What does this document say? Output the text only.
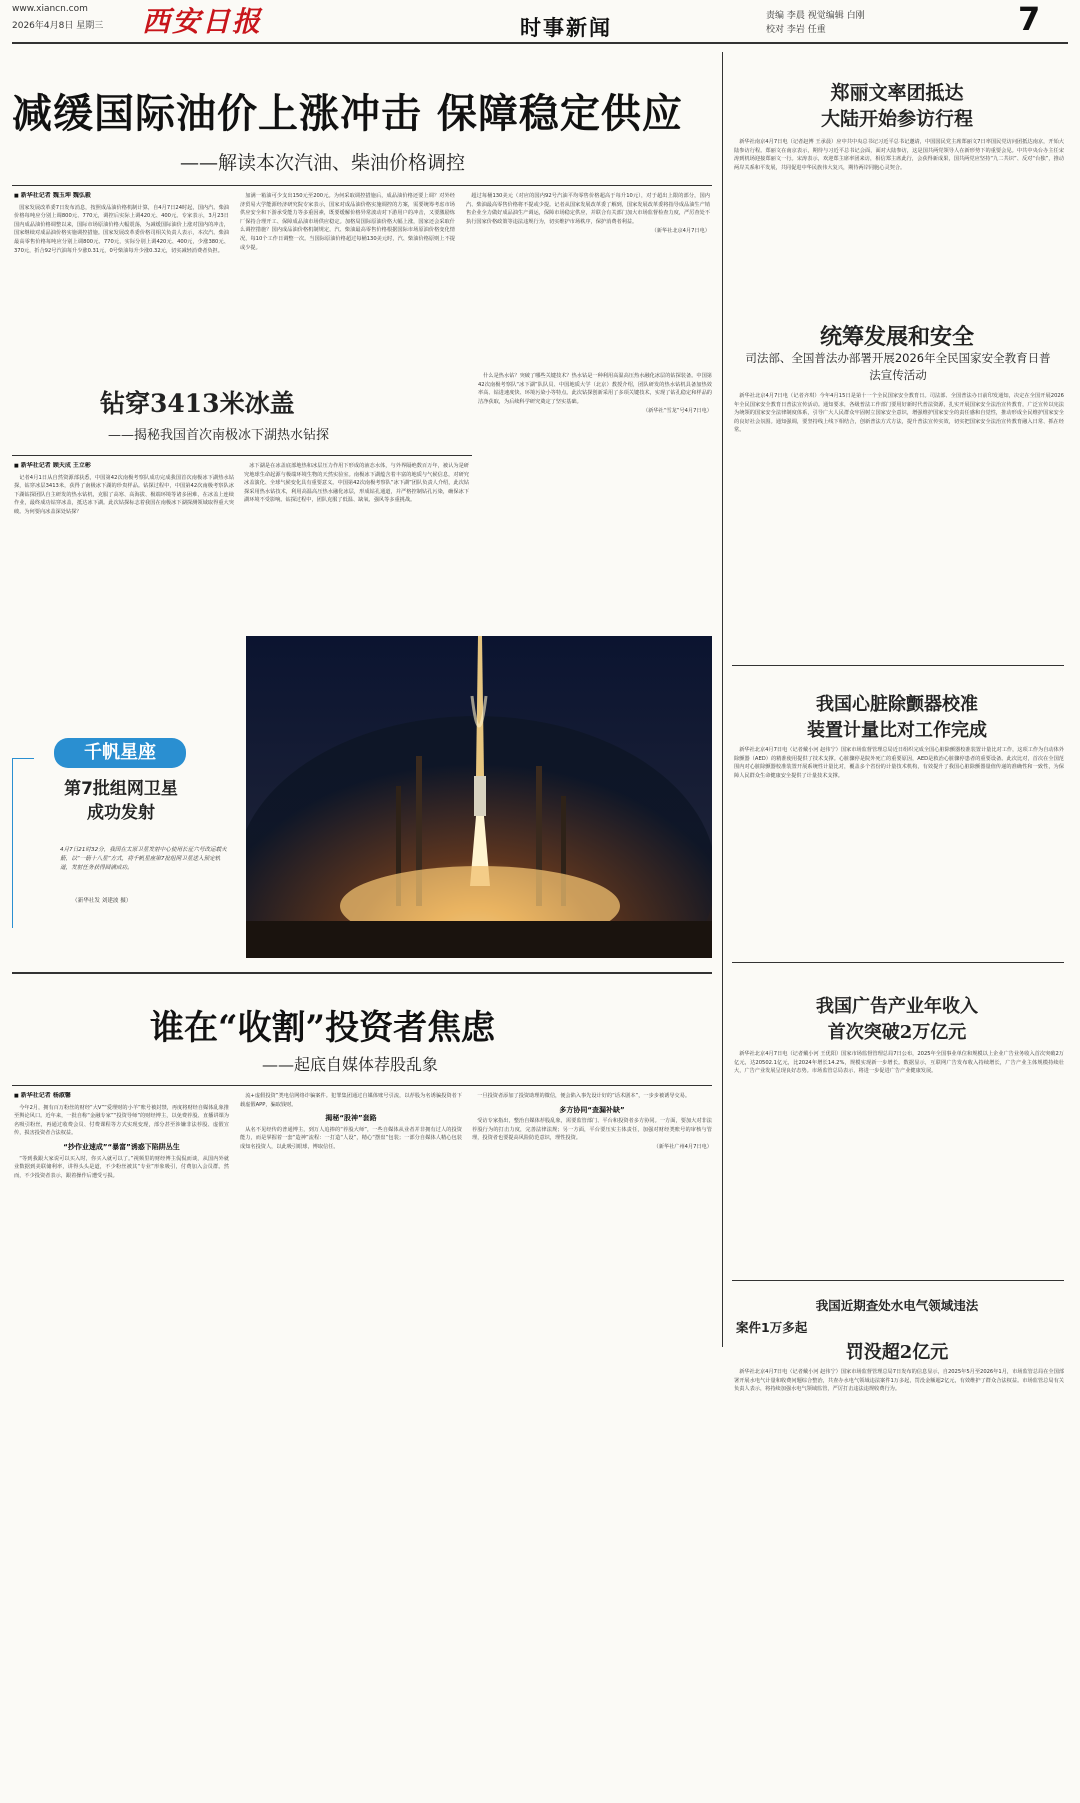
www.xiancn.com
2026年4月8日 星期三 西安日报	时事新闻	责编 李晨 视觉编辑 白刚
校对 李岩 任重	7
减缓国际油价上涨冲击 保障稳定供应
——解读本次汽油、柴油价格调控
■ 新华社记者 魏玉坤 魏弘毅

国家发展改革委7日发布消息，按照成品油价格机制计算，自4月7日24时起，国内汽、柴油价格每吨应分别上调800元、770元，调控后实际上调420元、400元。专家表示，3月23日国内成品油价格调整以来，国际市场原油价格大幅震荡，为减缓国际油价上涨对国内的冲击，国家继续对成品油价格实施调控措施。国家发展改革委价格司相关负责人表示，本次汽、柴油最高零售价格每吨应分别上调800元、770元，实际分别上调420元、400元，少涨380元、370元，折合92号汽油每升少涨0.31元，0号柴油每升少涨0.32元，切实减轻消费者负担。

加满一箱油可少支出150元至200元。为何采取调控措施后，成品油价格还要上调？对外经济贸易大学能源经济研究院专家表示，国家对成品油价格实施调控的方案，需要统筹考虑市场供应安全和下游承受能力等多重因素，既要缓解价格异常波动对下游用户的冲击，又要激励炼厂保持合理开工、保障成品油市场供应稳定。加格局国际原油价格大幅上涨，国家还会采取什么调控措施？国内成品油价格机制规定，汽、柴油最高零售价格根据国际市场原油价格变化情况，每10个工作日调整一次。当国际原油价格超过每桶130美元时，汽、柴油价格原则上不提或少提。

超过每桶130美元（对应的国内92号汽油平均零售价格超高于每升10元），对于超出上限的部分，国内汽、柴油最高零售价格将不提或少提。记者从国家发展改革委了解到，国家发展改革委将指导成品油生产销售企业全力做好成品油生产调运，保障市场稳定供应，并联合有关部门加大市场监督检查力度，严厉查处不执行国家价格政策等违法违规行为，切实维护市场秩序，保护消费者利益。

（新华社北京4月7日电）
郑丽文率团抵达
大陆开始参访行程

新华社南京4月7日电（记者赵博 王承晨）应中共中央总书记习近平总书记邀请，中国国民党主席郑丽文7日率国民党访问团抵达南京，开始大陆参访行程。郑丽文在南京表示，期待与习近平总书记会面，面对大陆参访，这是国共两党领导人在新形势下的重要会见。中共中央台办主任宋涛到机场迎接郑丽文一行。宋涛表示，欢迎郑主席率团来访，相信郑主席此行，会获得新成果，国共两党应坚持“九二共识”、反对“台独”，推动两岸关系和平发展，共同促进中华民族伟大复兴，期待两岸同胞心灵契合。

统筹发展和安全
司法部、全国普法办部署开展2026年全民国家安全教育日普法宣传活动

新华社北京4月7日电（记者齐琪）今年4月15日是第十一个全民国家安全教育日。司法部、全国普法办日前印发通知，决定在全国开展2026年全民国家安全教育日普法宣传活动。通知要求，各级普法工作部门要用好新时代普法资源，扎实开展国家安全法治宣传教育，广泛宣传以宪法为统领的国家安全法律制度体系，引导广大人民群众牢固树立国家安全意识，增强维护国家安全的责任感和自觉性，推动形成全民维护国家安全的良好社会氛围。通知强调，要坚持线上线下相结合，创新普法方式方法，提升普法宣传实效，切实把国家安全法治宣传教育融入日常、抓在经常。

钻穿3413米冰盖
——揭秘我国首次南极冰下湖热水钻探
■ 新华社记者 顾天成 王立彬

记者4月1日从自然资源部获悉，中国第42次南极考察队成功完成我国首次南极冰下湖热水钻探，钻穿冰层3413米，获得了南极冰下湖的珍贵样品。钻探过程中，中国第42次南极考察队冰下湖钻探团队自主研发的热水钻机，克服了高寒、高海拔、极端环境等诸多困难，在冰盖上连续作业，最终成功钻穿冰盖，抵达冰下湖。此次钻探标志着我国在南极冰下湖探测领域取得重大突破。为何要向冰盖深处钻探？

冰下湖是在冰盖底部地热和冰层压力作用下形成的液态水体，与外界隔绝数百万年，被认为是研究地球生命起源与极端环境生物的天然实验室。南极冰下湖蕴含着丰富的地质与气候信息，对研究冰盖演化、全球气候变化具有重要意义。中国第42次南极考察队“冰下湖”团队负责人介绍，此次钻探采用热水钻技术，利用高温高压热水融化冰层，形成钻孔通道，并严格控制钻孔污染，确保冰下湖环境不受影响。钻探过程中，团队克服了低温、缺氧、强风等多重挑战。

什么是热水钻？突破了哪些关键技术？热水钻是一种利用高温高压热水融化冰层的钻探装备。中国第42次南极考察队“冰下湖”队队员、中国地质大学（北京）教授介绍，团队研发的热水钻机具备加热效率高、钻进速度快、环境污染小等特点。此次钻探创新采用了多项关键技术，实现了钻孔稳定和样品的洁净获取，为后续科学研究奠定了坚实基础。

（新华社“雪龙”号4月7日电）
千帆星座
第7批组网卫星
成功发射
4月7日21时32分，我国在太原卫星发射中心使用长征六号改运载火箭，以“一箭十八星”方式，将千帆星座第7批组网卫星送入预定轨道，发射任务获得圆满成功。
（新华社发 刘建波 摄）
我国心脏除颤器校准
装置计量比对工作完成

新华社北京4月7日电（记者戴小河 赵伟宁）国家市场监督管理总局近日组织完成全国心脏除颤器校准装置计量比对工作，这项工作为自动体外除颤器（AED）的精准使用提供了技术支撑。心脏骤停是院外死亡的重要原因，AED是救治心脏骤停患者的重要设备。此次比对，首次在全国范围内对心脏除颤器校准装置开展系统性计量比对，覆盖多个省份的计量技术机构，有效提升了我国心脏除颤器量值传递的准确性和一致性，为保障人民群众生命健康安全提供了计量技术支撑。

谁在“收割”投资者焦虑
——起底自媒体荐股乱象
■ 新华社记者 杨淑馨

今年2月，拥有百万粉丝的财经“大V”“爱理财的小羊”账号被封禁，再度将财经自媒体乱象推至舆论风口。近年来，一批自称“金融专家”“投资导师”的财经博主，以免费荐股、直播讲课为名吸引粉丝，再通过收费会员、付费课程等方式实现变现，部分甚至涉嫌非法荐股、虚假宣传，损害投资者合法权益。

“抄作业速成”“暴富”诱惑下陷阱丛生

“等到我跟大家说可以买入时，你买入就可以了。”视频里的财经博主侃侃而谈，从国内外就业数据到美联储利率，讲得头头是道，不少粉丝被其“专业”形象吸引，付费加入会员群。然而，不少投资者表示，跟着操作后遭受亏损。

流+虚假投资”类电信网络诈骗案件。犯罪集团通过自媒体账号引流，以荐股为名诱骗投资者下载虚假APP，骗取钱财。

揭秘“股神”套路

从名不见经传的普通博主，到万人追捧的“荐股大师”，一些自媒体从业者并非拥有过人的投资能力，而是掌握着一套“造神”流程：一打造“人设”，精心“摆盘”包装；一部分自媒体人精心包装成知名投资人，以此吸引眼球，博取信任。

一旦投资者添加了投资助理的微信，便会陷入事先设计好的“话术剧本”，一步步被诱导交易。

多方协同“查漏补缺”

受访专家指出，整治自媒体荐股乱象，需要监管部门、平台和投资者多方协同。一方面，要加大对非法荐股行为的打击力度，完善法律法规；另一方面，平台要压实主体责任，加强对财经类账号的审核与管理，投资者也要提高风险防范意识，理性投资。

（新华社广州4月7日电）
我国广告产业年收入
首次突破2万亿元

新华社北京4月7日电（记者戴小河 王优阳）国家市场监督管理总局7日公布，2025年全国事业单位和规模以上企业广告业务收入首次突破2万亿元，达20502.1亿元，比2024年增长14.2%，规模实现新一步增长。数据显示，互联网广告发布收入持续增长，广告产业主体规模持续壮大，广告产业发展呈现良好态势。市场监管总局表示，将进一步促进广告产业健康发展。

我国近期查处水电气领域违法
案件1万多起
罚没超2亿元

新华社北京4月7日电（记者戴小河 赵伟宁）国家市场监督管理总局7日发布的信息显示，自2025年5月至2026年1月，市场监管总局在全国部署开展水电气计量和收费问题综合整治，共查办水电气领域违法案件1万多起，罚没金额超2亿元，有效维护了群众合法权益。市场监管总局有关负责人表示，将持续加强水电气领域监管，严厉打击违法违规收费行为。
